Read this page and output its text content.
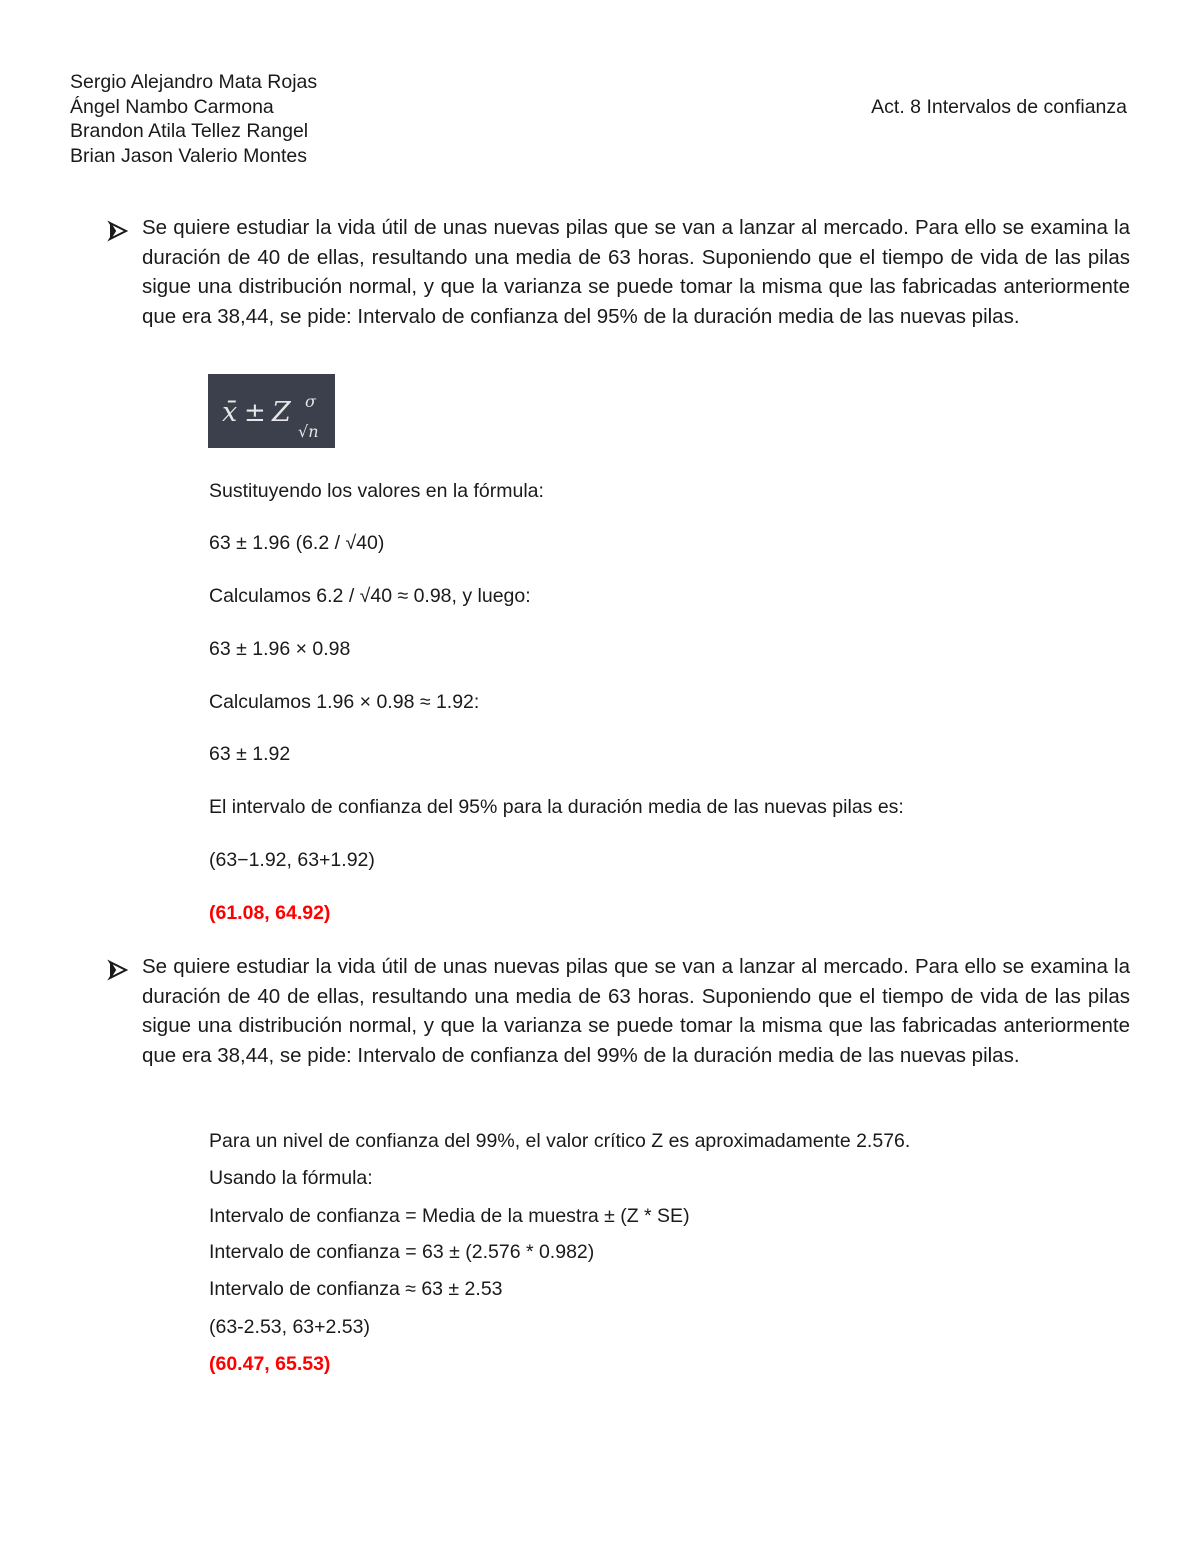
Sergio Alejandro Mata Rojas
Ángel Nambo Carmona
Brandon Atila Tellez Rangel
Brian Jason Valerio Montes
Act. 8 Intervalos de confianza
Se quiere estudiar la vida útil de unas nuevas pilas que se van a lanzar al mercado. Para ello se examina la duración de 40 de ellas, resultando una media de 63 horas. Suponiendo que el tiempo de vida de las pilas sigue una distribución normal, y que la varianza se puede tomar la misma que las fabricadas anteriormente que era 38,44, se pide: Intervalo de confianza del 95% de la duración media de las nuevas pilas.
x̄ ± Z σ
√n
Sustituyendo los valores en la fórmula:
63 ± 1.96 (6.2 / √40)
Calculamos 6.2 / √40 ≈ 0.98, y luego:
63 ± 1.96 × 0.98
Calculamos 1.96 × 0.98 ≈ 1.92:
63 ± 1.92
El intervalo de confianza del 95% para la duración media de las nuevas pilas es:
(63−1.92, 63+1.92)
(61.08, 64.92)
Se quiere estudiar la vida útil de unas nuevas pilas que se van a lanzar al mercado. Para ello se examina la duración de 40 de ellas, resultando una media de 63 horas. Suponiendo que el tiempo de vida de las pilas sigue una distribución normal, y que la varianza se puede tomar la misma que las fabricadas anteriormente que era 38,44, se pide: Intervalo de confianza del 99% de la duración media de las nuevas pilas.
Para un nivel de confianza del 99%, el valor crítico Z es aproximadamente 2.576.
Usando la fórmula:
Intervalo de confianza = Media de la muestra ± (Z * SE)
Intervalo de confianza = 63 ± (2.576 * 0.982)
Intervalo de confianza ≈ 63 ± 2.53
(63-2.53, 63+2.53)
(60.47, 65.53)
